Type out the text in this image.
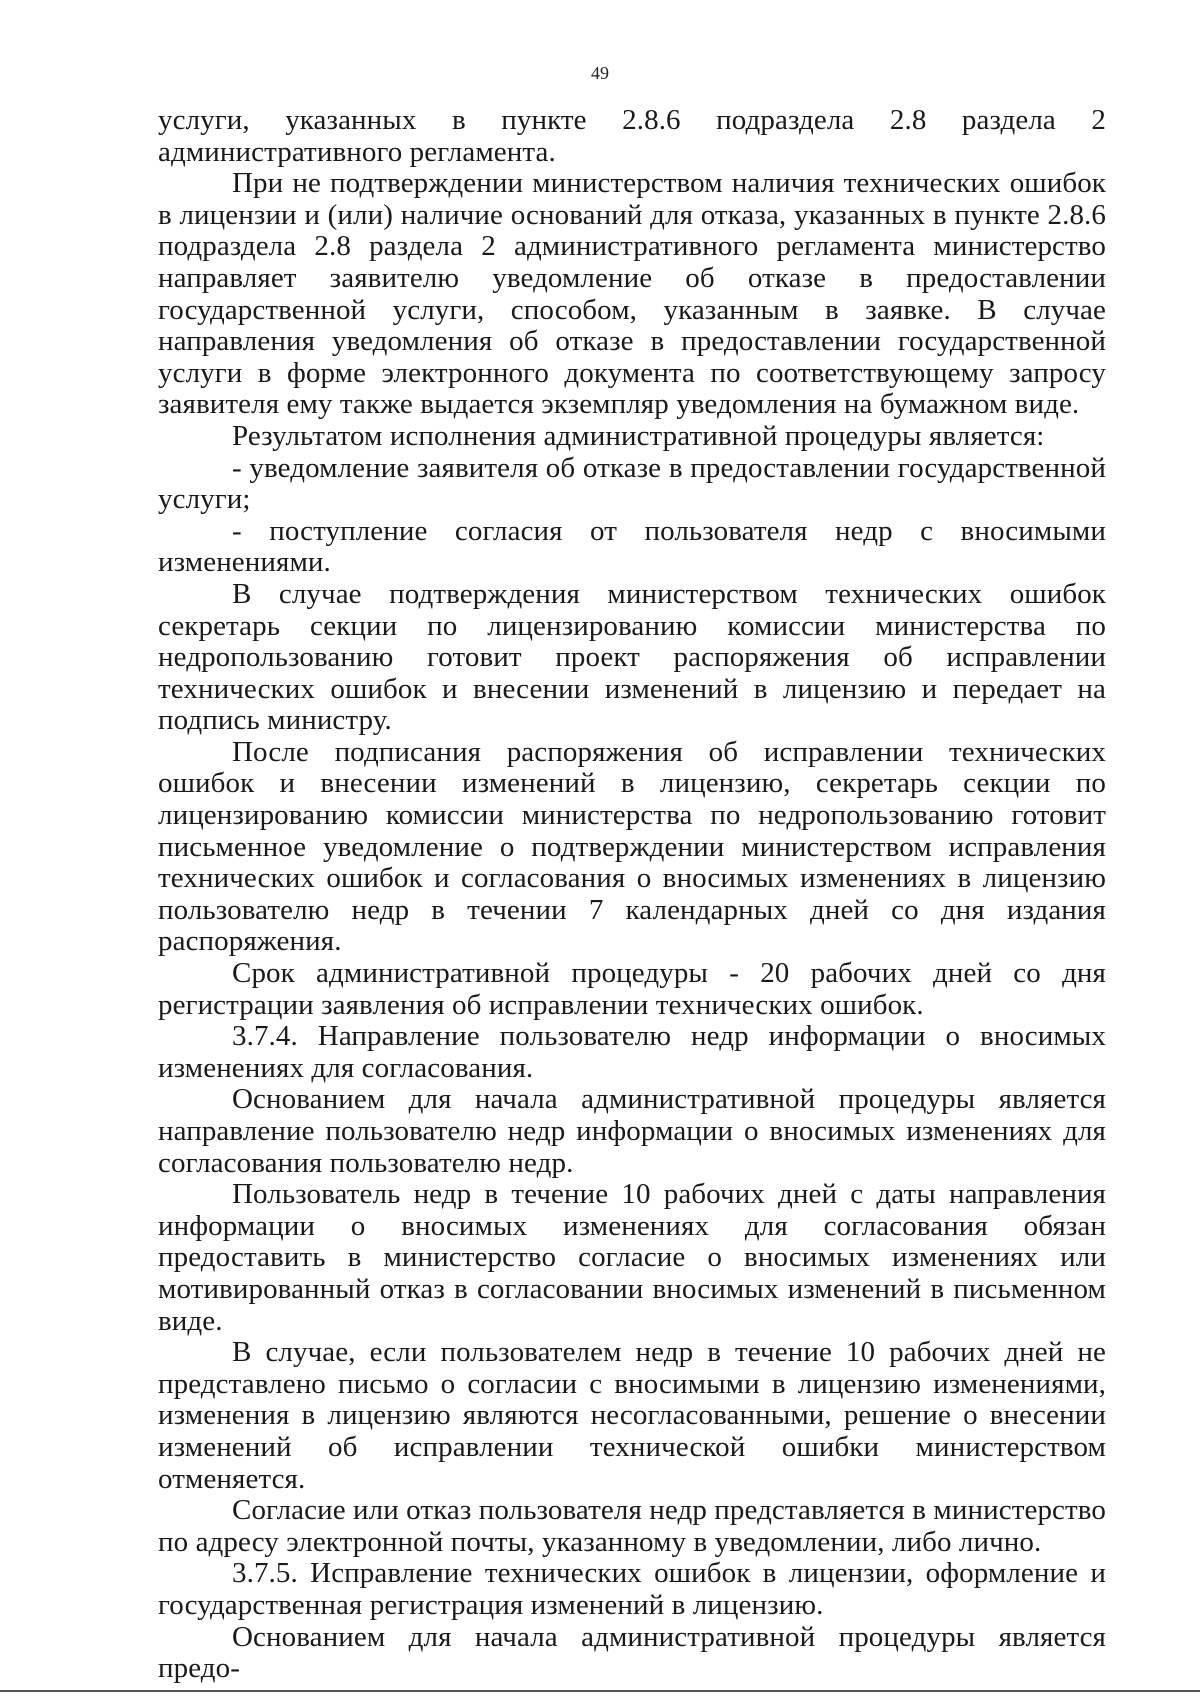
49

услуги, указанных в пункте 2.8.6 подраздела 2.8 раздела 2 административного регламента.

При не подтверждении министерством наличия технических ошибок в лицензии и (или) наличие оснований для отказа, указанных в пункте 2.8.6 подраздела 2.8 раздела 2 административного регламента министерство направляет заявителю уведомление об отказе в предоставлении государственной услуги, способом, указанным в заявке. В случае направления уведомления об отказе в предоставлении государственной услуги в форме электронного документа по соответствующему запросу заявителя ему также выдается экземпляр уведомления на бумажном виде.

Результатом исполнения административной процедуры является:

- уведомление заявителя об отказе в предоставлении государственной услуги;

- поступление согласия от пользователя недр с вносимыми изменениями.

В случае подтверждения министерством технических ошибок секретарь секции по лицензированию комиссии министерства по недропользованию готовит проект распоряжения об исправлении технических ошибок и внесении изменений в лицензию и передает на подпись министру.

После подписания распоряжения об исправлении технических ошибок и внесении изменений в лицензию, секретарь секции по лицензированию комиссии министерства по недропользованию готовит письменное уведомление о подтверждении министерством исправления технических ошибок и согласования о вносимых изменениях в лицензию пользователю недр в течении 7 календарных дней со дня издания распоряжения.

Срок административной процедуры - 20 рабочих дней со дня регистрации заявления об исправлении технических ошибок.

3.7.4. Направление пользователю недр информации о вносимых изменениях для согласования.

Основанием для начала административной процедуры является направление пользователю недр информации о вносимых изменениях для согласования пользователю недр.

Пользователь недр в течение 10 рабочих дней с даты направления информации о вносимых изменениях для согласования обязан предоставить в министерство согласие о вносимых изменениях или мотивированный отказ в согласовании вносимых изменений в письменном виде.

В случае, если пользователем недр в течение 10 рабочих дней не представлено письмо о согласии с вносимыми в лицензию изменениями, изменения в лицензию являются несогласованными, решение о внесении изменений об исправлении технической ошибки министерством отменяется.

Согласие или отказ пользователя недр представляется в министерство по адресу электронной почты, указанному в уведомлении, либо лично.

3.7.5. Исправление технических ошибок в лицензии, оформление и государственная регистрация изменений в лицензию.

Основанием для начала административной процедуры является предо-
